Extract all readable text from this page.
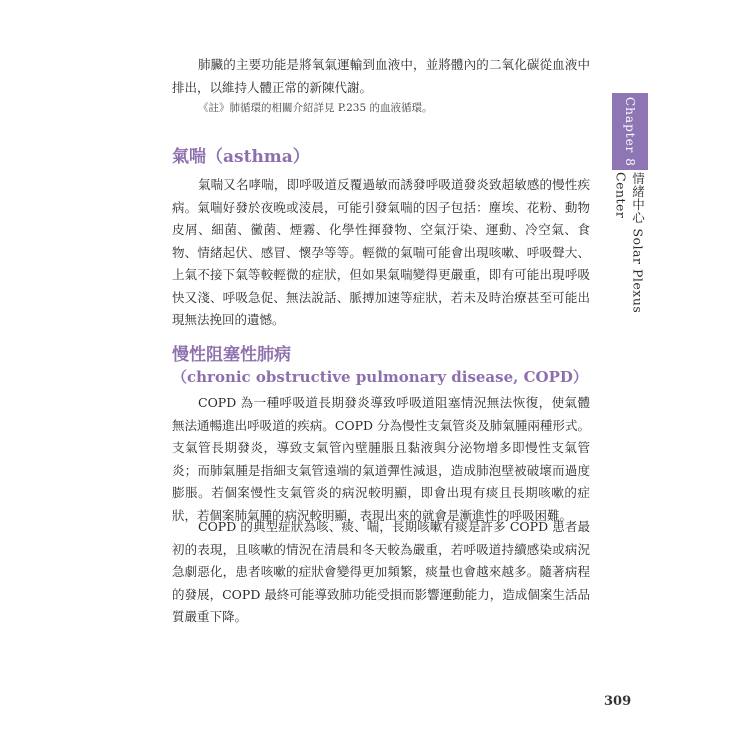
肺臟的主要功能是將氧氣運輸到血液中，並將體內的二氧化碳從血液中排出，以維持人體正常的新陳代謝。

《註》肺循環的相關介紹詳見 P.235 的血液循環。

氣喘（asthma）

氣喘又名哮喘，即呼吸道反覆過敏而誘發呼吸道發炎致超敏感的慢性疾病。氣喘好發於夜晚或淩晨，可能引發氣喘的因子包括：塵埃、花粉、動物皮屑、細菌、黴菌、煙霧、化學性揮發物、空氣汙染、運動、冷空氣、食物、情緒起伏、感冒、懷孕等等。輕微的氣喘可能會出現咳嗽、呼吸聲大、上氣不接下氣等較輕微的症狀，但如果氣喘變得更嚴重，即有可能出現呼吸快又淺、呼吸急促、無法說話、脈搏加速等症狀，若未及時治療甚至可能出現無法挽回的遺憾。

慢性阻塞性肺病
（chronic obstructive pulmonary disease, COPD）

COPD 為一種呼吸道長期發炎導致呼吸道阻塞情況無法恢復，使氣體無法通暢進出呼吸道的疾病。COPD 分為慢性支氣管炎及肺氣腫兩種形式。支氣管長期發炎，導致支氣管內壁腫脹且黏液與分泌物增多即慢性支氣管炎；而肺氣腫是指細支氣管遠端的氣道彈性減退，造成肺泡壁被破壞而過度膨脹。若個案慢性支氣管炎的病況較明顯，即會出現有痰且長期咳嗽的症狀，若個案肺氣腫的病況較明顯，表現出來的就會是漸進性的呼吸困難。

COPD 的典型症狀為咳、痰、喘，長期咳嗽有痰是許多 COPD 患者最初的表現，且咳嗽的情況在清晨和冬天較為嚴重，若呼吸道持續感染或病況急劇惡化，患者咳嗽的症狀會變得更加頻繁，痰量也會越來越多。隨著病程的發展，COPD 最終可能導致肺功能受損而影響運動能力，造成個案生活品質嚴重下降。

Chapter 8
情緒中心 Solar Plexus Center
309
